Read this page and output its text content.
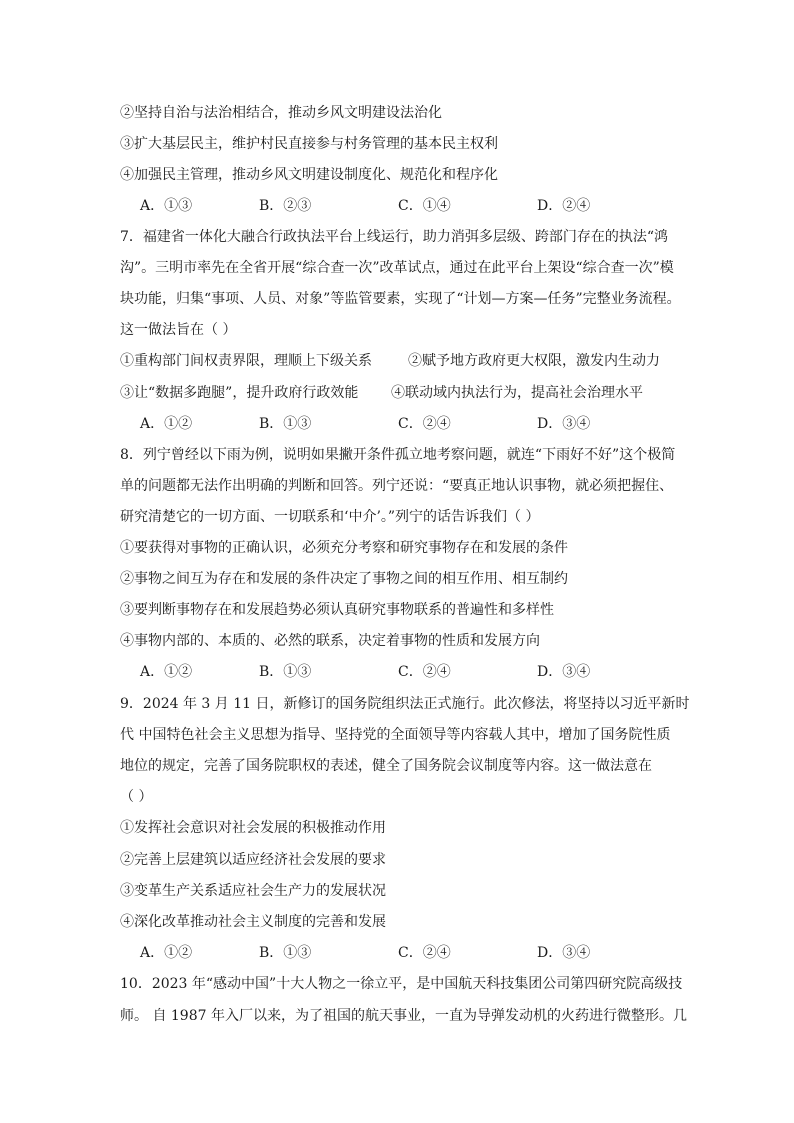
②坚持自治与法治相结合，推动乡风文明建设法治化
③扩大基层民主，维护村民直接参与村务管理的基本民主权利
④加强民主管理，推动乡风文明建设制度化、规范化和程序化
A．①③	B．②③	C．①④	D．②④
7．福建省一体化大融合行政执法平台上线运行，助力消弭多层级、跨部门存在的执法“鸿
沟”。三明市率先在全省开展“综合查一次”改革试点，通过在此平台上架设“综合查一次”模
块功能，归集“事项、人员、对象”等监管要素，实现了“计划—方案—任务”完整业务流程。
这一做法旨在（ ）
①重构部门间权责界限，理顺上下级关系	②赋予地方政府更大权限，激发内生动力
③让“数据多跑腿”，提升政府行政效能 ④联动域内执法行为，提高社会治理水平
A．①②	B．①③	C．②④	D．③④
8．列宁曾经以下雨为例，说明如果撇开条件孤立地考察问题，就连“下雨好不好”这个极简
单的问题都无法作出明确的判断和回答。列宁还说：“要真正地认识事物，就必须把握住、
研究清楚它的一切方面、一切联系和‘中介’。”列宁的话告诉我们（ ）
①要获得对事物的正确认识，必须充分考察和研究事物存在和发展的条件
②事物之间互为存在和发展的条件决定了事物之间的相互作用、相互制约
③要判断事物存在和发展趋势必须认真研究事物联系的普遍性和多样性
④事物内部的、本质的、必然的联系，决定着事物的性质和发展方向
A．①②	B．①③	C．②④	D．③④
9．2024 年 3 月 11 日，新修订的国务院组织法正式施行。此次修法，将坚持以习近平新时
代 中国特色社会主义思想为指导、坚持党的全面领导等内容载人其中，增加了国务院性质
地位的规定，完善了国务院职权的表述，健全了国务院会议制度等内容。这一做法意在
（ ）
①发挥社会意识对社会发展的积极推动作用
②完善上层建筑以适应经济社会发展的要求
③变革生产关系适应社会生产力的发展状况
④深化改革推动社会主义制度的完善和发展
A．①②	B．①③	C．②④	D．③④
10．2023 年“感动中国”十大人物之一徐立平，是中国航天科技集团公司第四研究院高级技
师。 自 1987 年入厂以来，为了祖国的航天事业，一直为导弹发动机的火药进行微整形。几
